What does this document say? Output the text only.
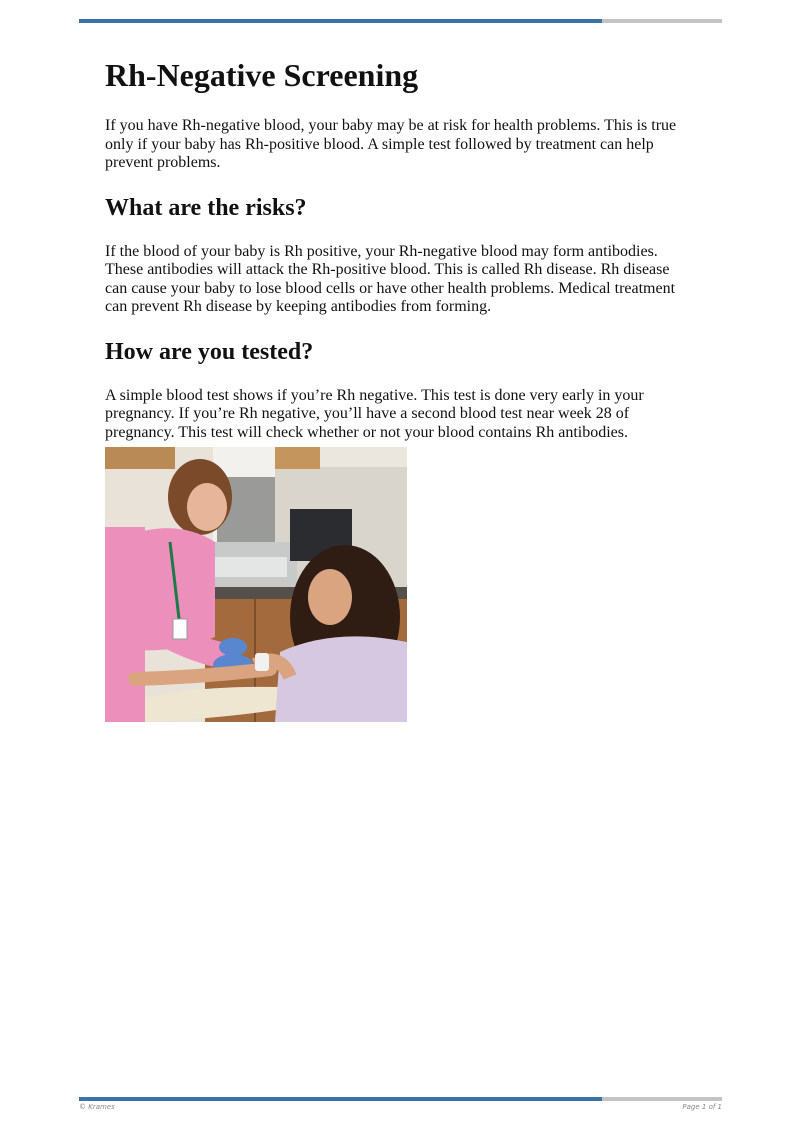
Rh-Negative Screening

If you have Rh-negative blood, your baby may be at risk for health problems. This is true only if your baby has Rh-positive blood. A simple test followed by treatment can help prevent problems.

What are the risks?

If the blood of your baby is Rh positive, your Rh-negative blood may form antibodies. These antibodies will attack the Rh-positive blood. This is called Rh disease. Rh disease can cause your baby to lose blood cells or have other health problems. Medical treatment can prevent Rh disease by keeping antibodies from forming.

How are you tested?

A simple blood test shows if you’re Rh negative. This test is done very early in your pregnancy. If you’re Rh negative, you’ll have a second blood test near week 28 of pregnancy. This test will check whether or not your blood contains Rh antibodies.

© Krames	Page 1 of 1
